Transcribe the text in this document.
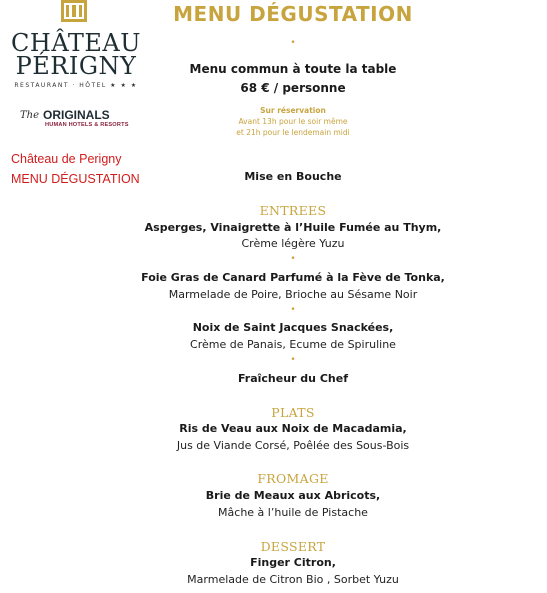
CHÂTEAU
PÉRIGNY
RESTAURANT · HÔTEL ★ ★ ★
The ORIGINALS
HUMAN HOTELS & RESORTS
Château de Perigny
MENU DÉGUSTATION
MENU DÉGUSTATION
•
Menu commun à toute la table
68 € / personne
Sur réservation
Avant 13h pour le soir même
et 21h pour le lendemain midi
Mise en Bouche
ENTREES
Asperges, Vinaigrette à l’Huile Fumée au Thym,
Crème légère Yuzu
•
Foie Gras de Canard Parfumé à la Fève de Tonka,
Marmelade de Poire, Brioche au Sésame Noir
•
Noix de Saint Jacques Snackées,
Crème de Panais, Ecume de Spiruline
•
Fraîcheur du Chef
PLATS
Ris de Veau aux Noix de Macadamia,
Jus de Viande Corsé, Poêlée des Sous-Bois
FROMAGE
Brie de Meaux aux Abricots,
Mâche à l’huile de Pistache
DESSERT
Finger Citron,
Marmelade de Citron Bio , Sorbet Yuzu
